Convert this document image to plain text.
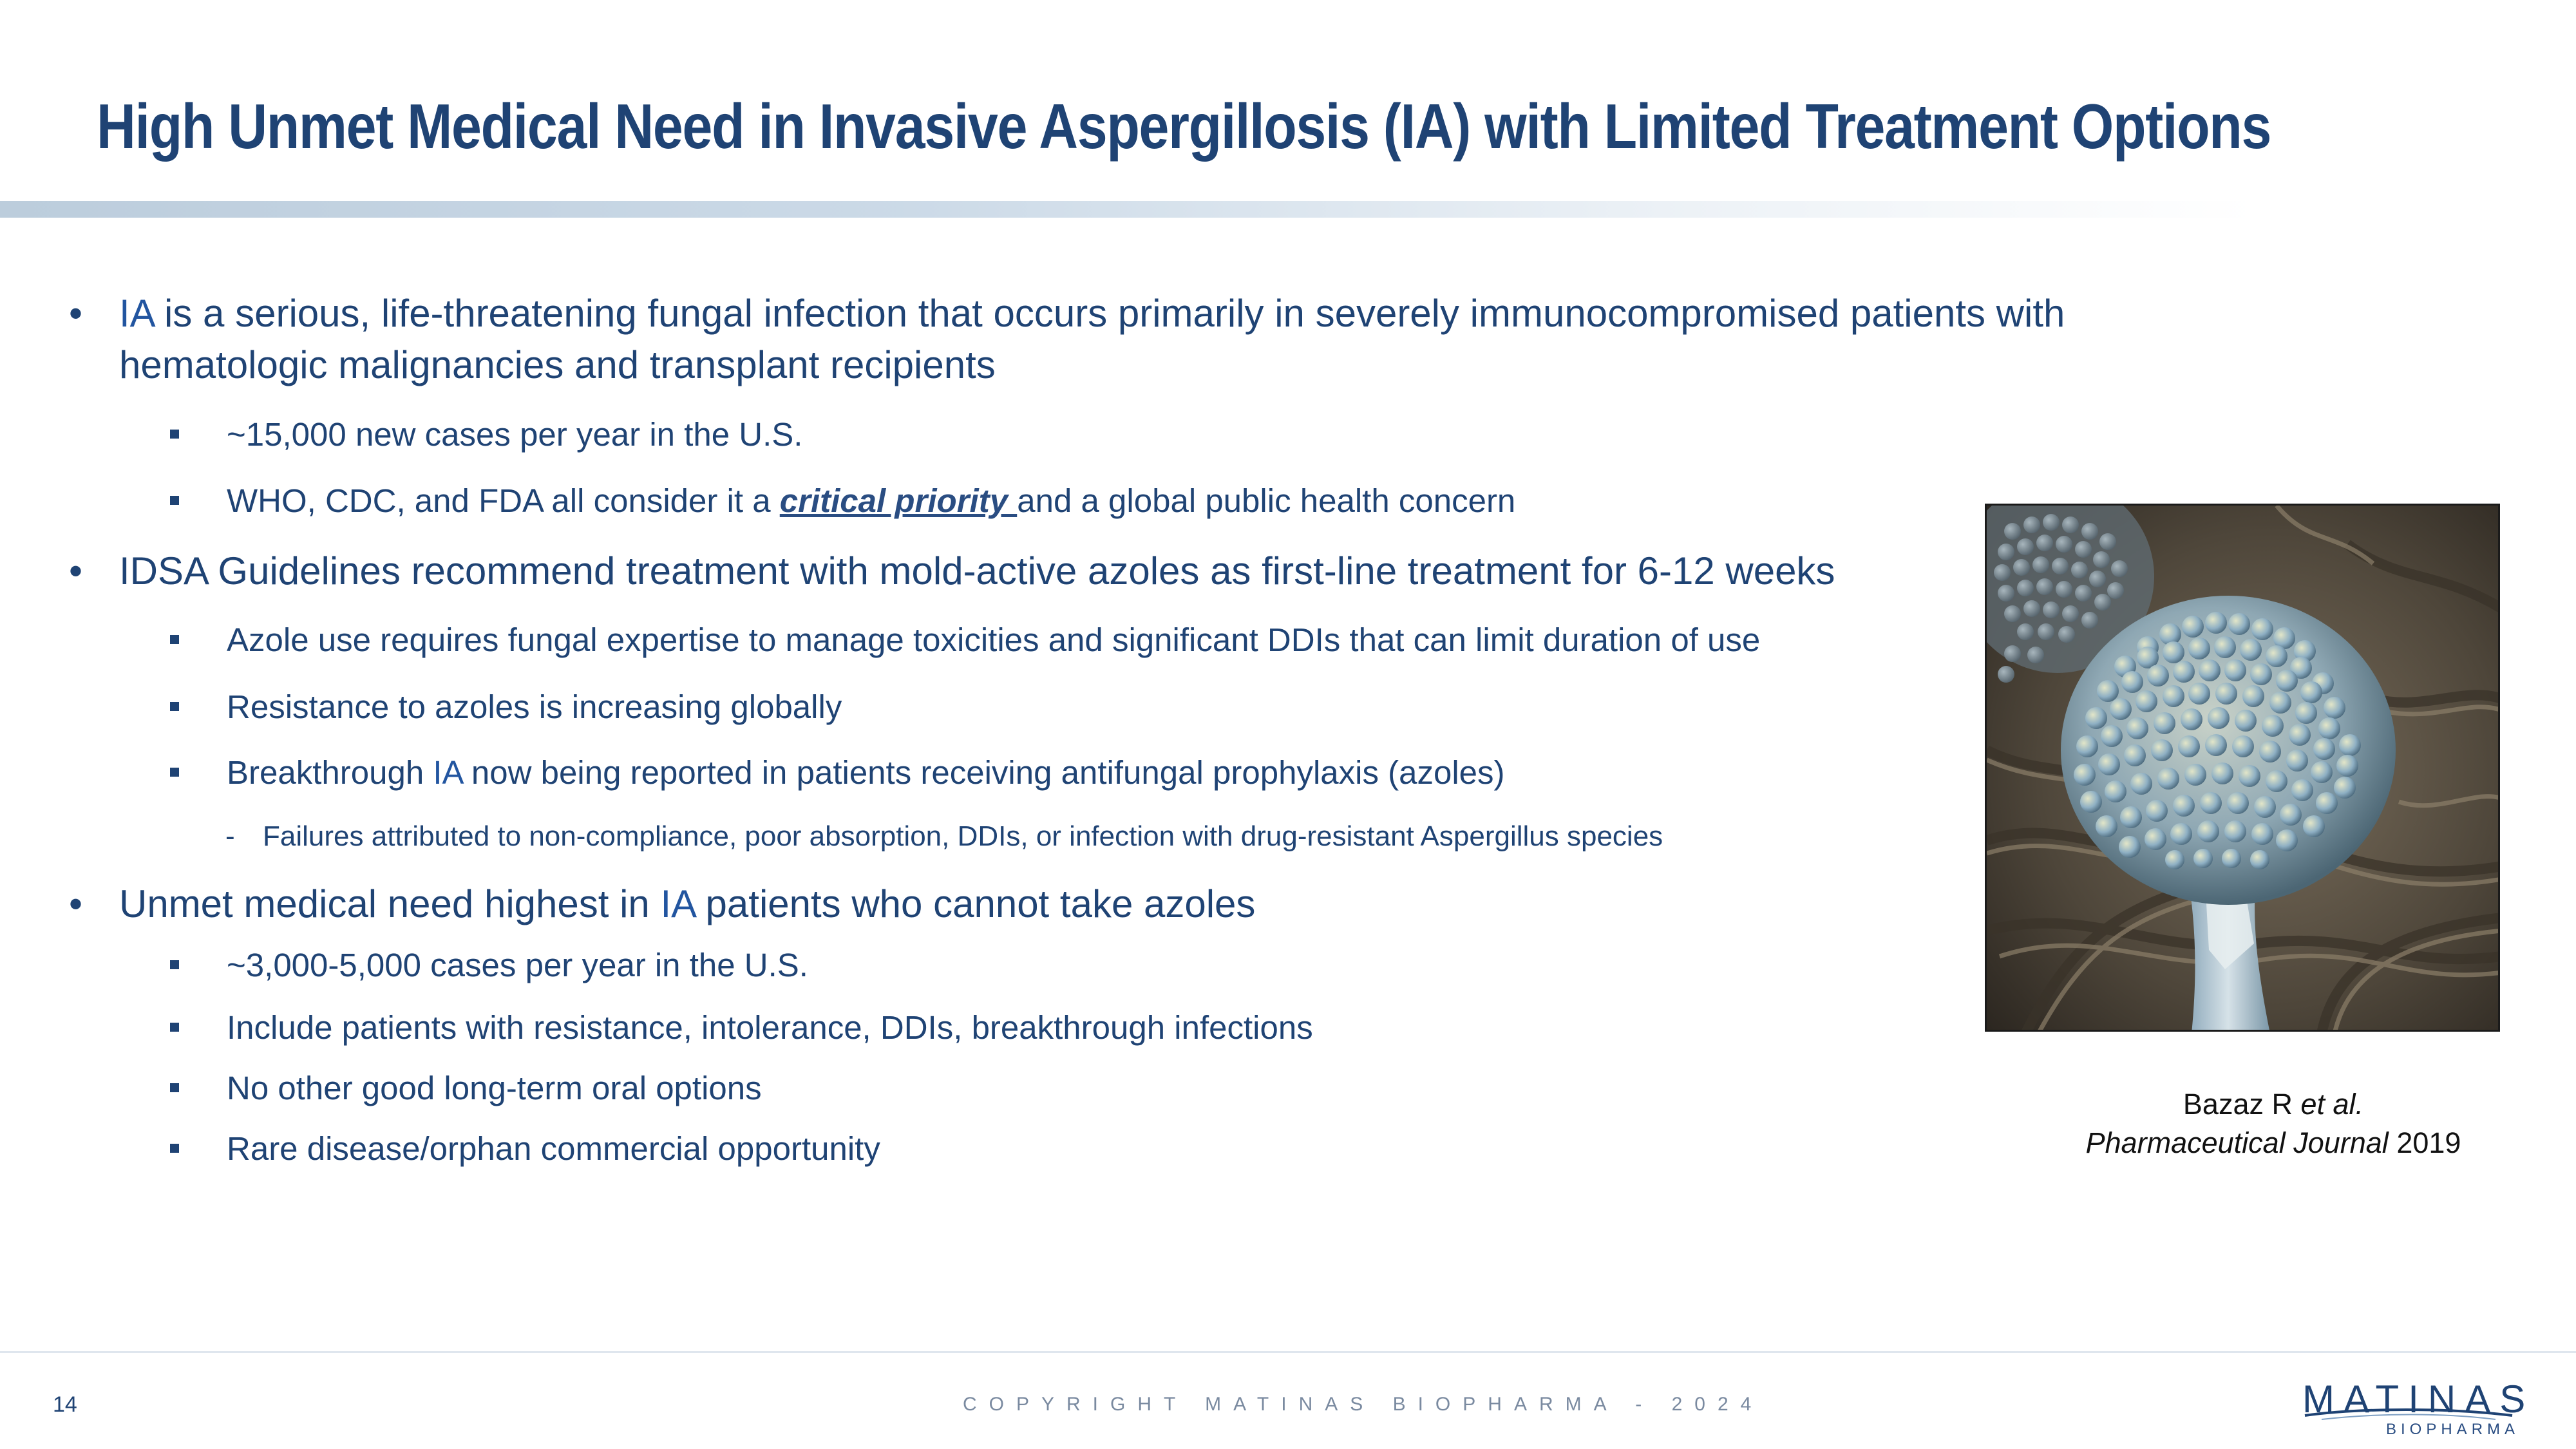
High Unmet Medical Need in Invasive Aspergillosis (IA) with Limited Treatment Options
• IA is a serious, life-threatening fungal infection that occurs primarily in severely immunocompromised patients with
hematologic malignancies and transplant recipients
~15,000 new cases per year in the U.S.
WHO, CDC, and FDA all consider it a critical priority and a global public health concern
• IDSA Guidelines recommend treatment with mold-active azoles as first-line treatment for 6-12 weeks
Azole use requires fungal expertise to manage toxicities and significant DDIs that can limit duration of use
Resistance to azoles is increasing globally
Breakthrough IA now being reported in patients receiving antifungal prophylaxis (azoles)
- Failures attributed to non-compliance, poor absorption, DDIs, or infection with drug-resistant Aspergillus species
• Unmet medical need highest in IA patients who cannot take azoles
~3,000-5,000 cases per year in the U.S.
Include patients with resistance, intolerance, DDIs, breakthrough infections
No other good long-term oral options
Rare disease/orphan commercial opportunity
Bazaz R et al.
Pharmaceutical Journal 2019
14	COPYRIGHT MATINAS BIOPHARMA - 2024	MATINAS
BIOPHARMA
